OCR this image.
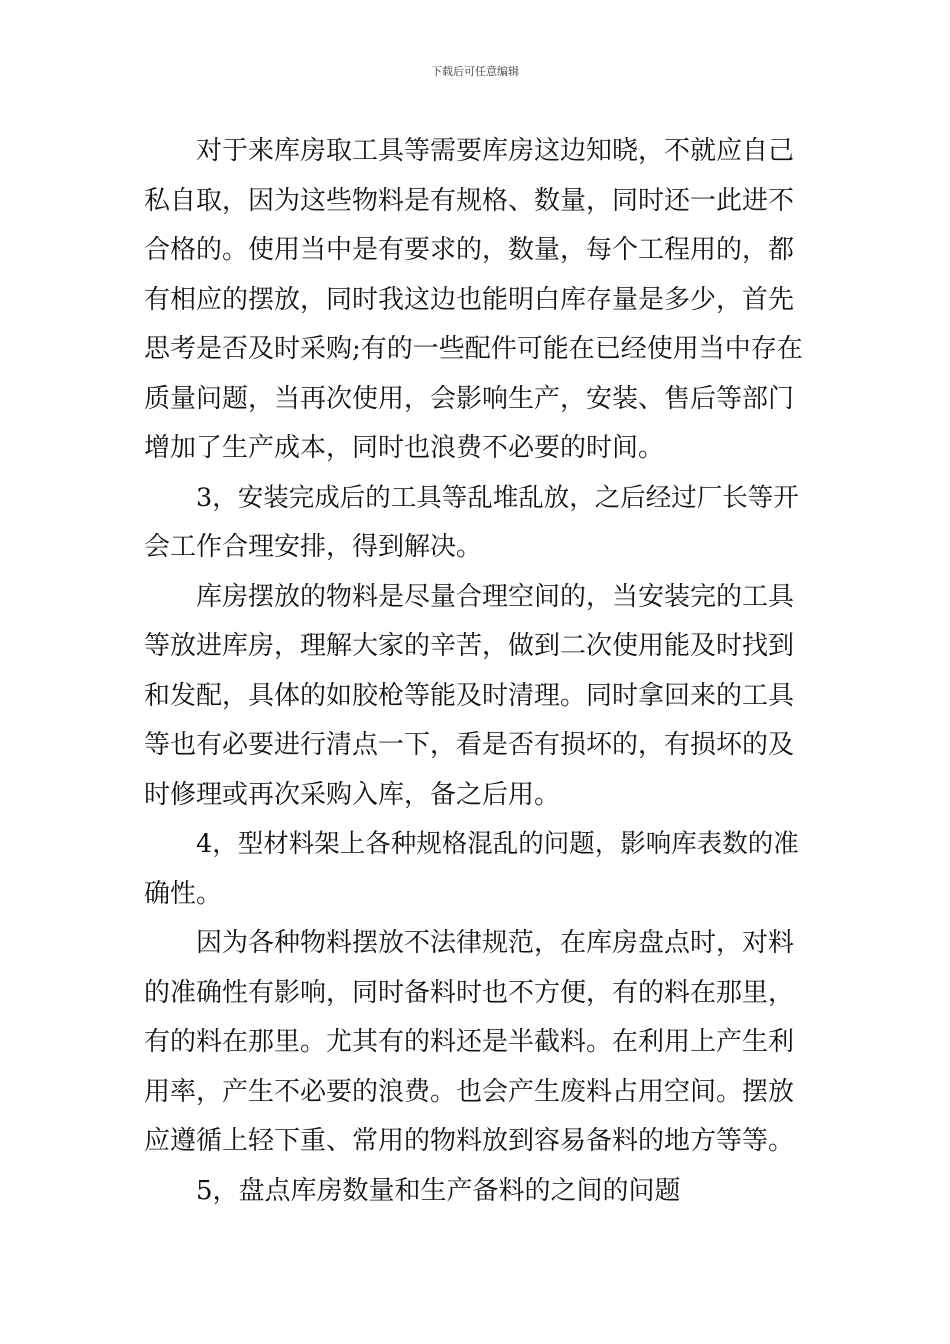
下载后可任意编辑
对于来库房取工具等需要库房这边知晓，不就应自己
私自取，因为这些物料是有规格、数量，同时还一此进不
合格的。使用当中是有要求的，数量，每个工程用的，都
有相应的摆放，同时我这边也能明白库存量是多少，首先
思考是否及时采购;有的一些配件可能在已经使用当中存在
质量问题，当再次使用，会影响生产，安装、售后等部门
增加了生产成本，同时也浪费不必要的时间。
3，安装完成后的工具等乱堆乱放，之后经过厂长等开
会工作合理安排，得到解决。
库房摆放的物料是尽量合理空间的，当安装完的工具
等放进库房，理解大家的辛苦，做到二次使用能及时找到
和发配，具体的如胶枪等能及时清理。同时拿回来的工具
等也有必要进行清点一下，看是否有损坏的，有损坏的及
时修理或再次采购入库，备之后用。
4，型材料架上各种规格混乱的问题，影响库表数的准
确性。
因为各种物料摆放不法律规范，在库房盘点时，对料
的准确性有影响，同时备料时也不方便，有的料在那里，
有的料在那里。尤其有的料还是半截料。在利用上产生利
用率，产生不必要的浪费。也会产生废料占用空间。摆放
应遵循上轻下重、常用的物料放到容易备料的地方等等。
5，盘点库房数量和生产备料的之间的问题
